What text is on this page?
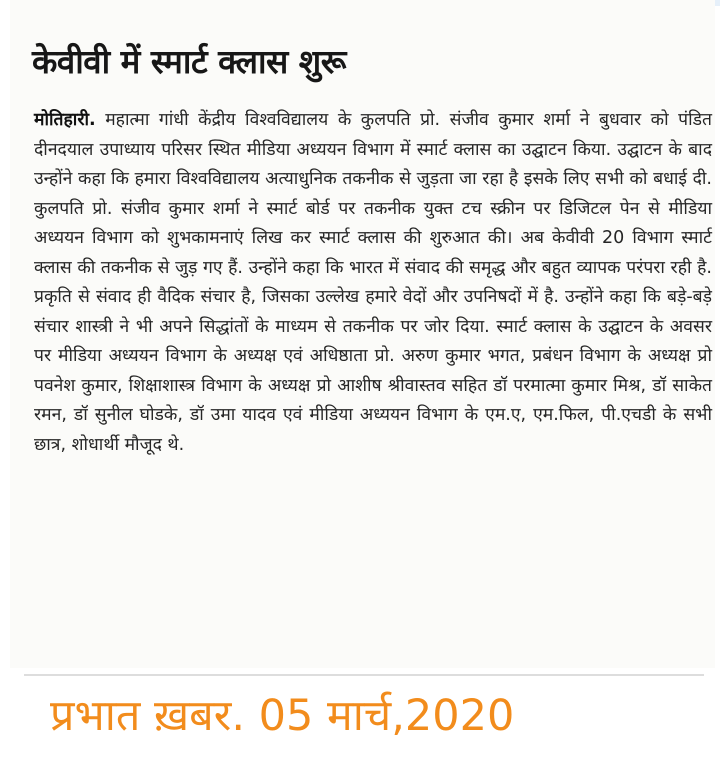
केवीवी में स्मार्ट क्लास शुरू

मोतिहारी. महात्मा गांधी केंद्रीय विश्वविद्यालय के कुलपति प्रो. संजीव कुमार शर्मा ने बुधवार को पंडित दीनदयाल उपाध्याय परिसर स्थित मीडिया अध्ययन विभाग में स्मार्ट क्लास का उद्घाटन किया. उद्घाटन के बाद उन्होंने कहा कि हमारा विश्वविद्यालय अत्याधुनिक तकनीक से जुड़ता जा रहा है इसके लिए सभी को बधाई दी. कुलपति प्रो. संजीव कुमार शर्मा ने स्मार्ट बोर्ड पर तकनीक युक्त टच स्क्रीन पर डिजिटल पेन से मीडिया अध्ययन विभाग को शुभकामनाएं लिख कर स्मार्ट क्लास की शुरुआत की। अब केवीवी 20 विभाग स्मार्ट क्लास की तकनीक से जुड़ गए हैं. उन्होंने कहा कि भारत में संवाद की समृद्ध और बहुत व्यापक परंपरा रही है. प्रकृति से संवाद ही वैदिक संचार है, जिसका उल्लेख हमारे वेदों और उपनिषदों में है. उन्होंने कहा कि बड़े-बड़े संचार शास्त्री ने भी अपने सिद्धांतों के माध्यम से तकनीक पर जोर दिया. स्मार्ट क्लास के उद्घाटन के अवसर पर मीडिया अध्ययन विभाग के अध्यक्ष एवं अधिष्ठाता प्रो. अरुण कुमार भगत, प्रबंधन विभाग के अध्यक्ष प्रो पवनेश कुमार, शिक्षाशास्त्र विभाग के अध्यक्ष प्रो आशीष श्रीवास्तव सहित डॉ परमात्मा कुमार मिश्र, डॉ साकेत रमन, डॉ सुनील घोडके, डॉ उमा यादव एवं मीडिया अध्ययन विभाग के एम.ए, एम.फिल, पी.एचडी के सभी छात्र, शोधार्थी मौजूद थे.

प्रभात ख़बर. 05 मार्च,2020
